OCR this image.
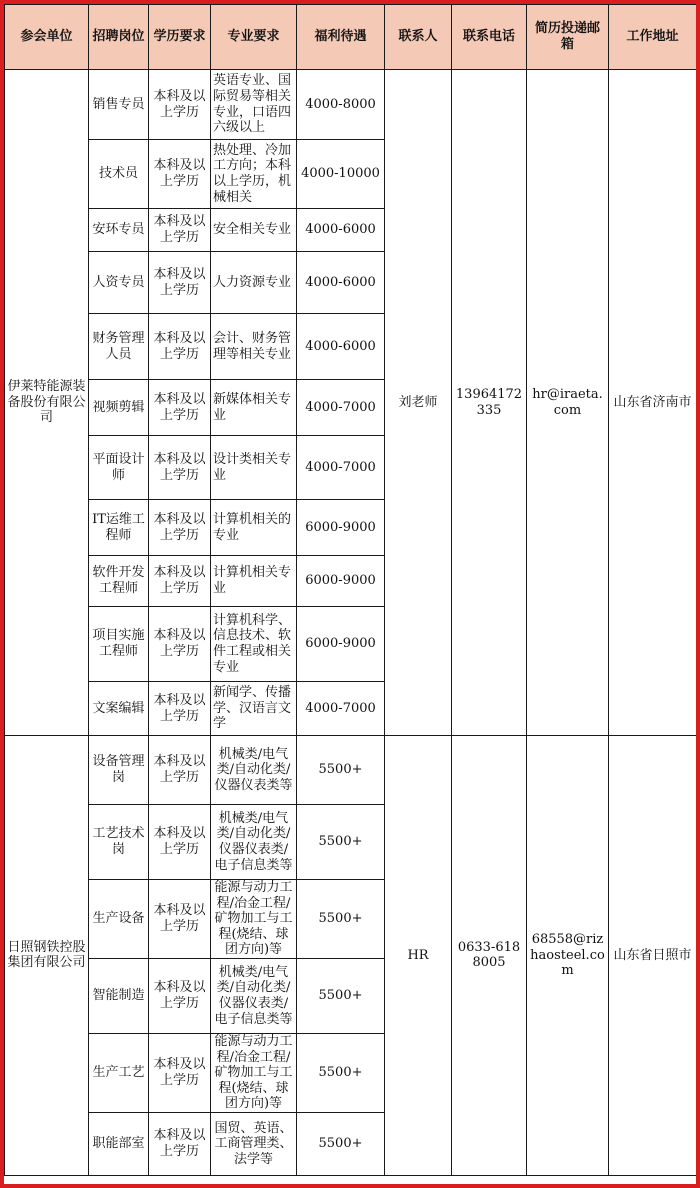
参会单位	招聘岗位	学历要求	专业要求	福利待遇	联系人	联系电话	简历投递邮箱	工作地址
伊莱特能源装备股份有限公司	销售专员	本科及以上学历	英语专业、国际贸易等相关专业，口语四六级以上	4000-8000	刘老师	13964172335	hr@iraeta.com	山东省济南市
	技术员	本科及以上学历	热处理、冷加工方向；本科以上学历，机械相关	4000-10000				
	安环专员	本科及以上学历	安全相关专业	4000-6000				
	人资专员	本科及以上学历	人力资源专业	4000-6000				
	财务管理人员	本科及以上学历	会计、财务管理等相关专业	4000-6000				
	视频剪辑	本科及以上学历	新媒体相关专业	4000-7000				
	平面设计师	本科及以上学历	设计类相关专业	4000-7000				
	IT运维工程师	本科及以上学历	计算机相关的专业	6000-9000				
	软件开发工程师	本科及以上学历	计算机相关专业	6000-9000				
	项目实施工程师	本科及以上学历	计算机科学、信息技术、软件工程或相关专业	6000-9000				
	文案编辑	本科及以上学历	新闻学、传播学、汉语言文学	4000-7000				
日照钢铁控股集团有限公司	设备管理岗	本科及以上学历	机械类/电气类/自动化类/仪器仪表类等	5500+	HR	0633-6188005	68558@rizhaosteel.com	山东省日照市
	工艺技术岗	本科及以上学历	机械类/电气类/自动化类/仪器仪表类/电子信息类等	5500+				
	生产设备	本科及以上学历	能源与动力工程/冶金工程/矿物加工与工程(烧结、球团方向)等	5500+				
	智能制造	本科及以上学历	机械类/电气类/自动化类/仪器仪表类/电子信息类等	5500+				
	生产工艺	本科及以上学历	能源与动力工程/冶金工程/矿物加工与工程(烧结、球团方向)等	5500+				
	职能部室	本科及以上学历	国贸、英语、工商管理类、法学等	5500+				
